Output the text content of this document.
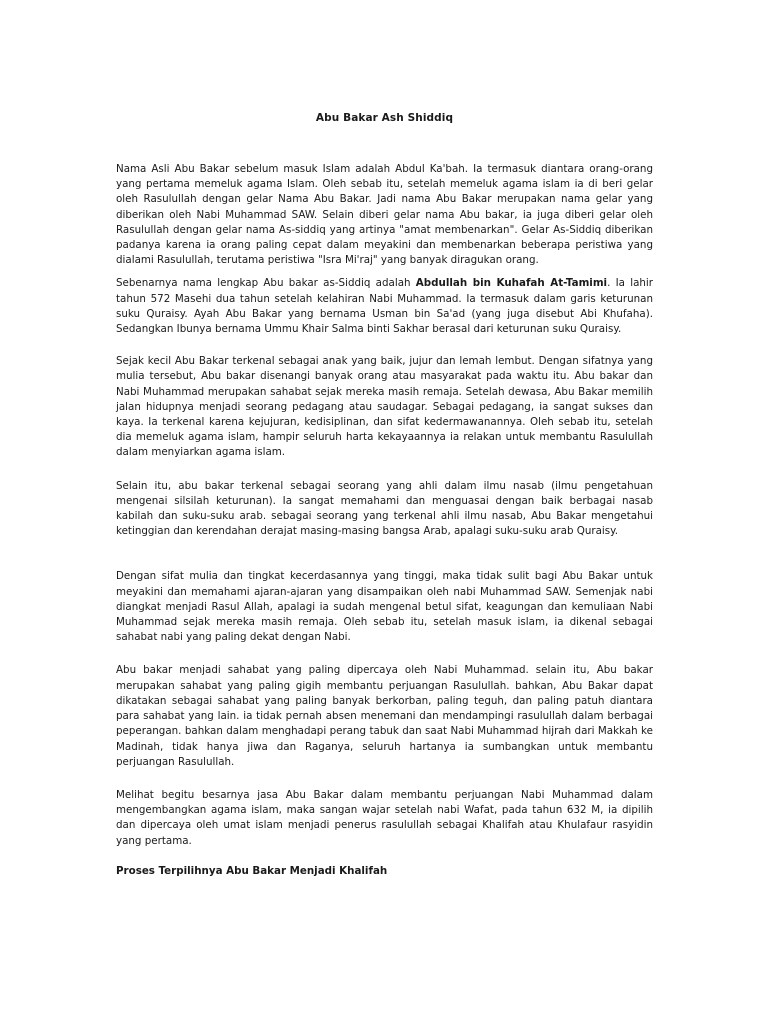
Abu Bakar Ash Shiddiq

Nama Asli Abu Bakar sebelum masuk Islam adalah Abdul Ka'bah. Ia termasuk diantara orang-orang yang pertama memeluk agama Islam. Oleh sebab itu, setelah memeluk agama islam ia di beri gelar oleh Rasulullah dengan gelar Nama Abu Bakar. Jadi nama Abu Bakar merupakan nama gelar yang diberikan oleh Nabi Muhammad SAW. Selain diberi gelar nama Abu bakar, ia juga diberi gelar oleh Rasulullah dengan gelar nama As-siddiq yang artinya "amat membenarkan". Gelar As-Siddiq diberikan padanya karena ia orang paling cepat dalam meyakini dan membenarkan beberapa peristiwa yang dialami Rasulullah, terutama peristiwa "Isra Mi'raj" yang banyak diragukan orang.

Sebenarnya nama lengkap Abu bakar as-Siddiq adalah Abdullah bin Kuhafah At-Tamimi. Ia lahir tahun 572 Masehi dua tahun setelah kelahiran Nabi Muhammad. Ia termasuk dalam garis keturunan suku Quraisy. Ayah Abu Bakar yang bernama Usman bin Sa'ad (yang juga disebut Abi Khufaha). Sedangkan Ibunya bernama Ummu Khair Salma binti Sakhar berasal dari keturunan suku Quraisy.

Sejak kecil Abu Bakar terkenal sebagai anak yang baik, jujur dan lemah lembut. Dengan sifatnya yang mulia tersebut, Abu bakar disenangi banyak orang atau masyarakat pada waktu itu. Abu bakar dan Nabi Muhammad merupakan sahabat sejak mereka masih remaja. Setelah dewasa, Abu Bakar memilih jalan hidupnya menjadi seorang pedagang atau saudagar. Sebagai pedagang, ia sangat sukses dan kaya. Ia terkenal karena kejujuran, kedisiplinan, dan sifat kedermawanannya. Oleh sebab itu, setelah dia memeluk agama islam, hampir seluruh harta kekayaannya ia relakan untuk membantu Rasulullah dalam menyiarkan agama islam.

Selain itu, abu bakar terkenal sebagai seorang yang ahli dalam ilmu nasab (ilmu pengetahuan mengenai silsilah keturunan). Ia sangat memahami dan menguasai dengan baik berbagai nasab kabilah dan suku-suku arab. sebagai seorang yang terkenal ahli ilmu nasab, Abu Bakar mengetahui ketinggian dan kerendahan derajat masing-masing bangsa Arab, apalagi suku-suku arab Quraisy.

Dengan sifat mulia dan tingkat kecerdasannya yang tinggi, maka tidak sulit bagi Abu Bakar untuk meyakini dan memahami ajaran-ajaran yang disampaikan oleh nabi Muhammad SAW. Semenjak nabi diangkat menjadi Rasul Allah, apalagi ia sudah mengenal betul sifat, keagungan dan kemuliaan Nabi Muhammad sejak mereka masih remaja. Oleh sebab itu, setelah masuk islam, ia dikenal sebagai sahabat nabi yang paling dekat dengan Nabi.

Abu bakar menjadi sahabat yang paling dipercaya oleh Nabi Muhammad. selain itu, Abu bakar merupakan sahabat yang paling gigih membantu perjuangan Rasulullah. bahkan, Abu Bakar dapat dikatakan sebagai sahabat yang paling banyak berkorban, paling teguh, dan paling patuh diantara para sahabat yang lain. ia tidak pernah absen menemani dan mendampingi rasulullah dalam berbagai peperangan. bahkan dalam menghadapi perang tabuk dan saat Nabi Muhammad hijrah dari Makkah ke Madinah, tidak hanya jiwa dan Raganya, seluruh hartanya ia sumbangkan untuk membantu perjuangan Rasulullah.

Melihat begitu besarnya jasa Abu Bakar dalam membantu perjuangan Nabi Muhammad dalam mengembangkan agama islam, maka sangan wajar setelah nabi Wafat, pada tahun 632 M, ia dipilih dan dipercaya oleh umat islam menjadi penerus rasulullah sebagai Khalifah atau Khulafaur rasyidin yang pertama.

Proses Terpilihnya Abu Bakar Menjadi Khalifah
